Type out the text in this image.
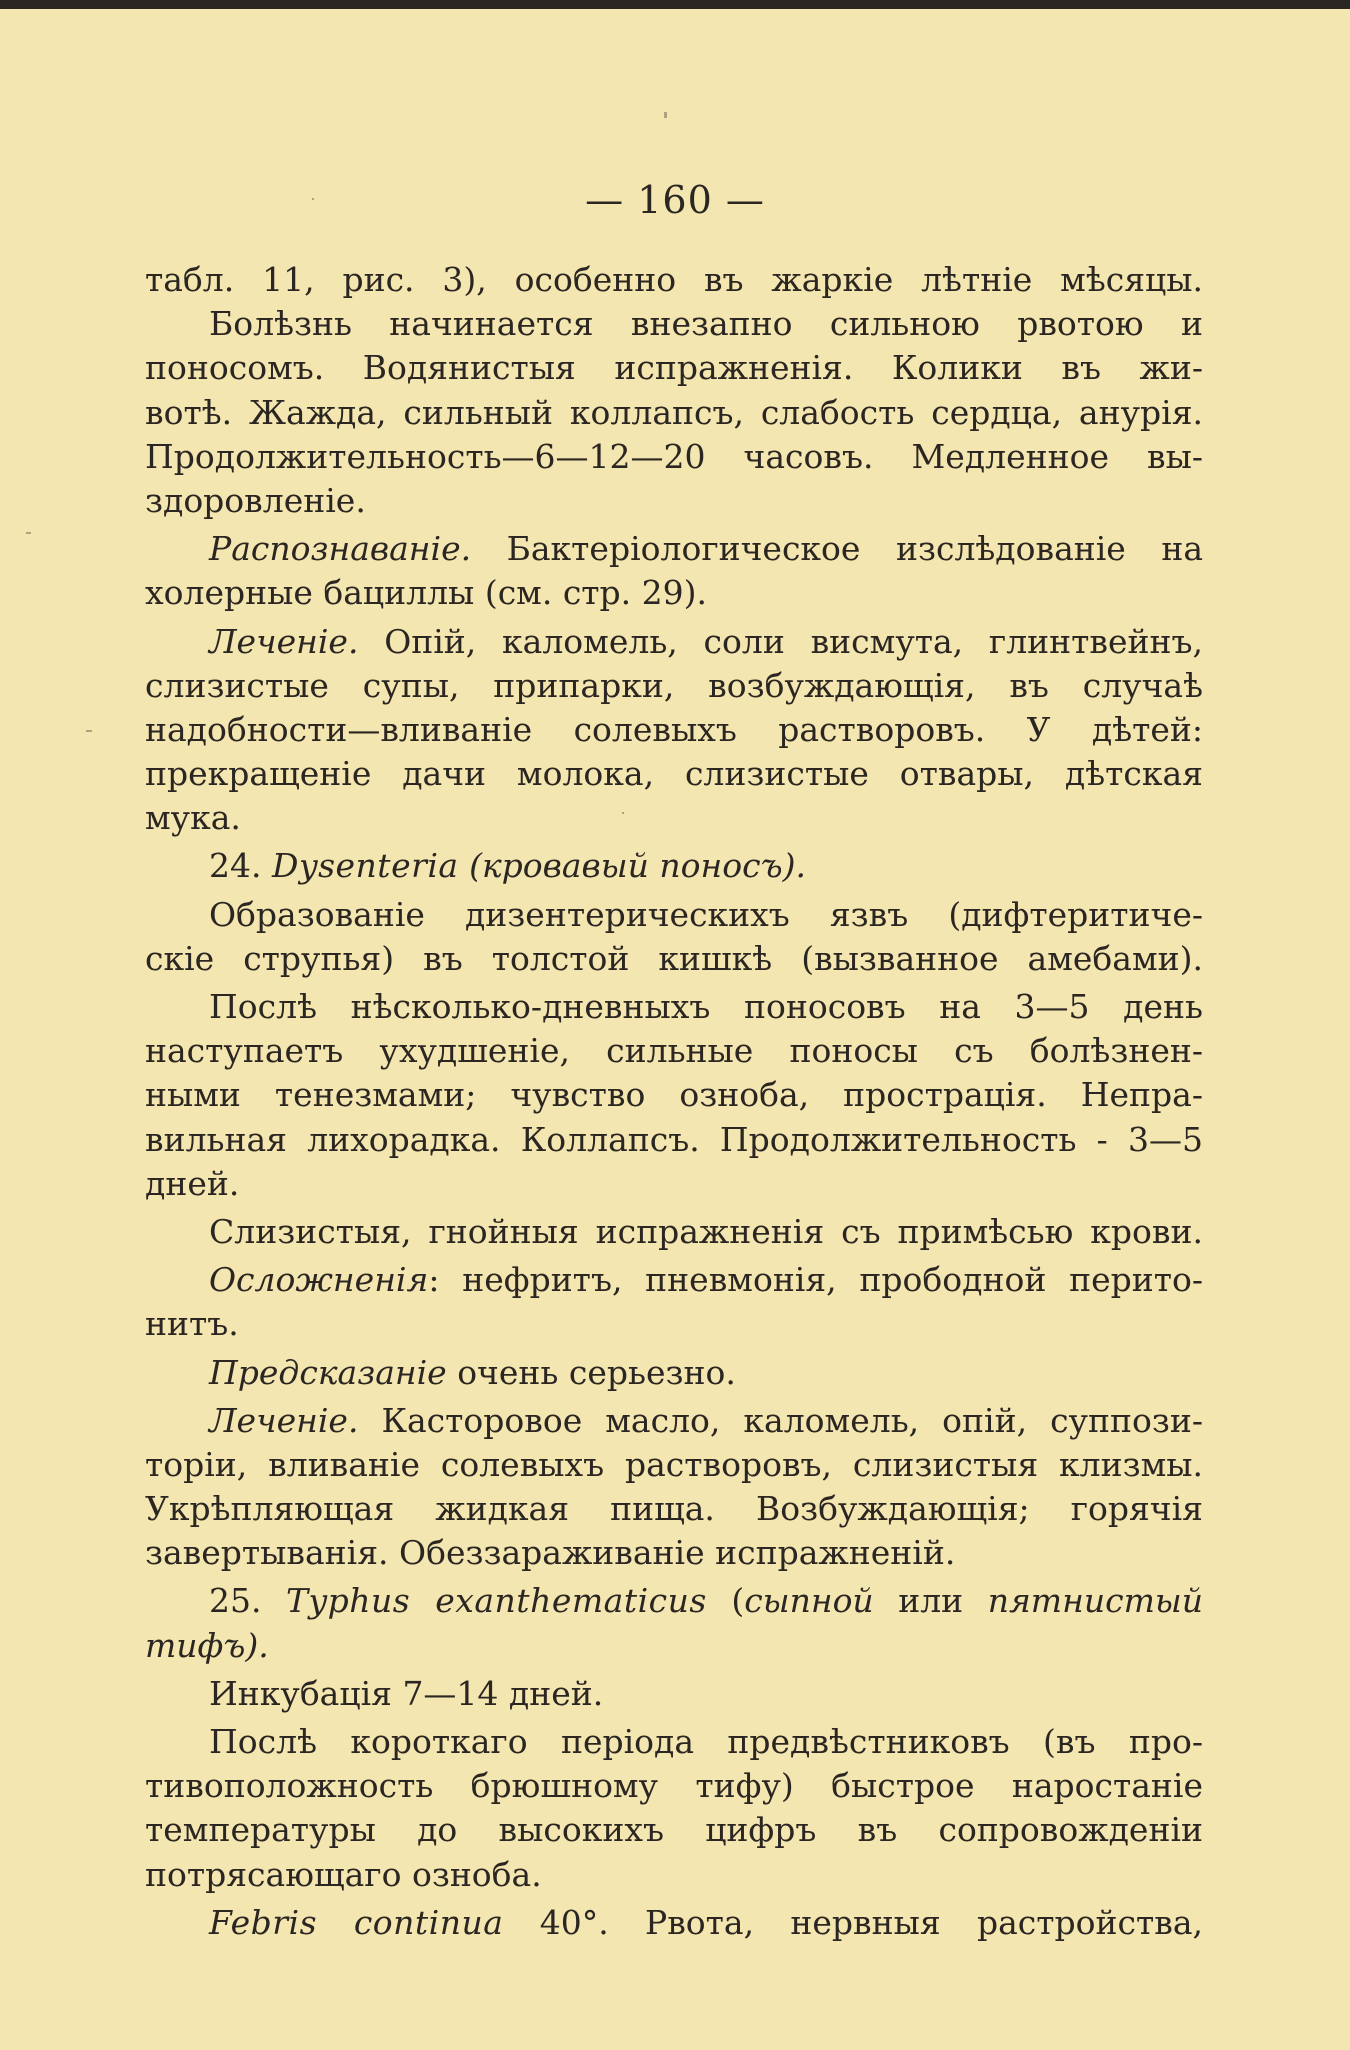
— 160 —
табл. 11, рис. 3), особенно въ жаркіе лѣтніе мѣсяцы.
Болѣзнь начинается внезапно сильною рвотою и
поносомъ. Водянистыя испражненія. Колики въ жи-
вотѣ. Жажда, сильный коллапсъ, слабость сердца, анурія.
Продолжительность—6—12—20 часовъ. Медленное вы-
здоровленіе.
Распознаваніе. Бактеріологическое изслѣдованіе на
холерные бациллы (см. стр. 29).
Леченіе. Опій, каломель, соли висмута, глинтвейнъ,
слизистые супы, припарки, возбуждающія, въ случаѣ
надобности—вливаніе солевыхъ растворовъ. У дѣтей:
прекращеніе дачи молока, слизистые отвары, дѣтская
мука.
24. Dysenteria (кровавый поносъ).
Образованіе дизентерическихъ язвъ (дифтеритиче-
скіе струпья) въ толстой кишкѣ (вызванное амебами).
Послѣ нѣсколько-дневныхъ поносовъ на 3—5 день
наступаетъ ухудшеніе, сильные поносы съ болѣзнен-
ными тенезмами; чувство озноба, прострація. Непра-
вильная лихорадка. Коллапсъ. Продолжительность - 3—5
дней.
Слизистыя, гнойныя испражненія съ примѣсью крови.
Осложненія: нефритъ, пневмонія, прободной перито-
нитъ.
Предсказаніе очень серьезно.
Леченіе. Касторовое масло, каломель, опій, суппози-
торіи, вливаніе солевыхъ растворовъ, слизистыя клизмы.
Укрѣпляющая жидкая пища. Возбуждающія; горячія
завертыванія. Обеззараживаніе испражненій.
25. Typhus exanthematicus (сыпной или пятнистый
тифъ).
Инкубація 7—14 дней.
Послѣ короткаго періода предвѣстниковъ (въ про-
тивоположность брюшному тифу) быстрое наростаніе
температуры до высокихъ цифръ въ сопровожденіи
потрясающаго озноба.
Febris continua 40°. Рвота, нервныя растройства,
